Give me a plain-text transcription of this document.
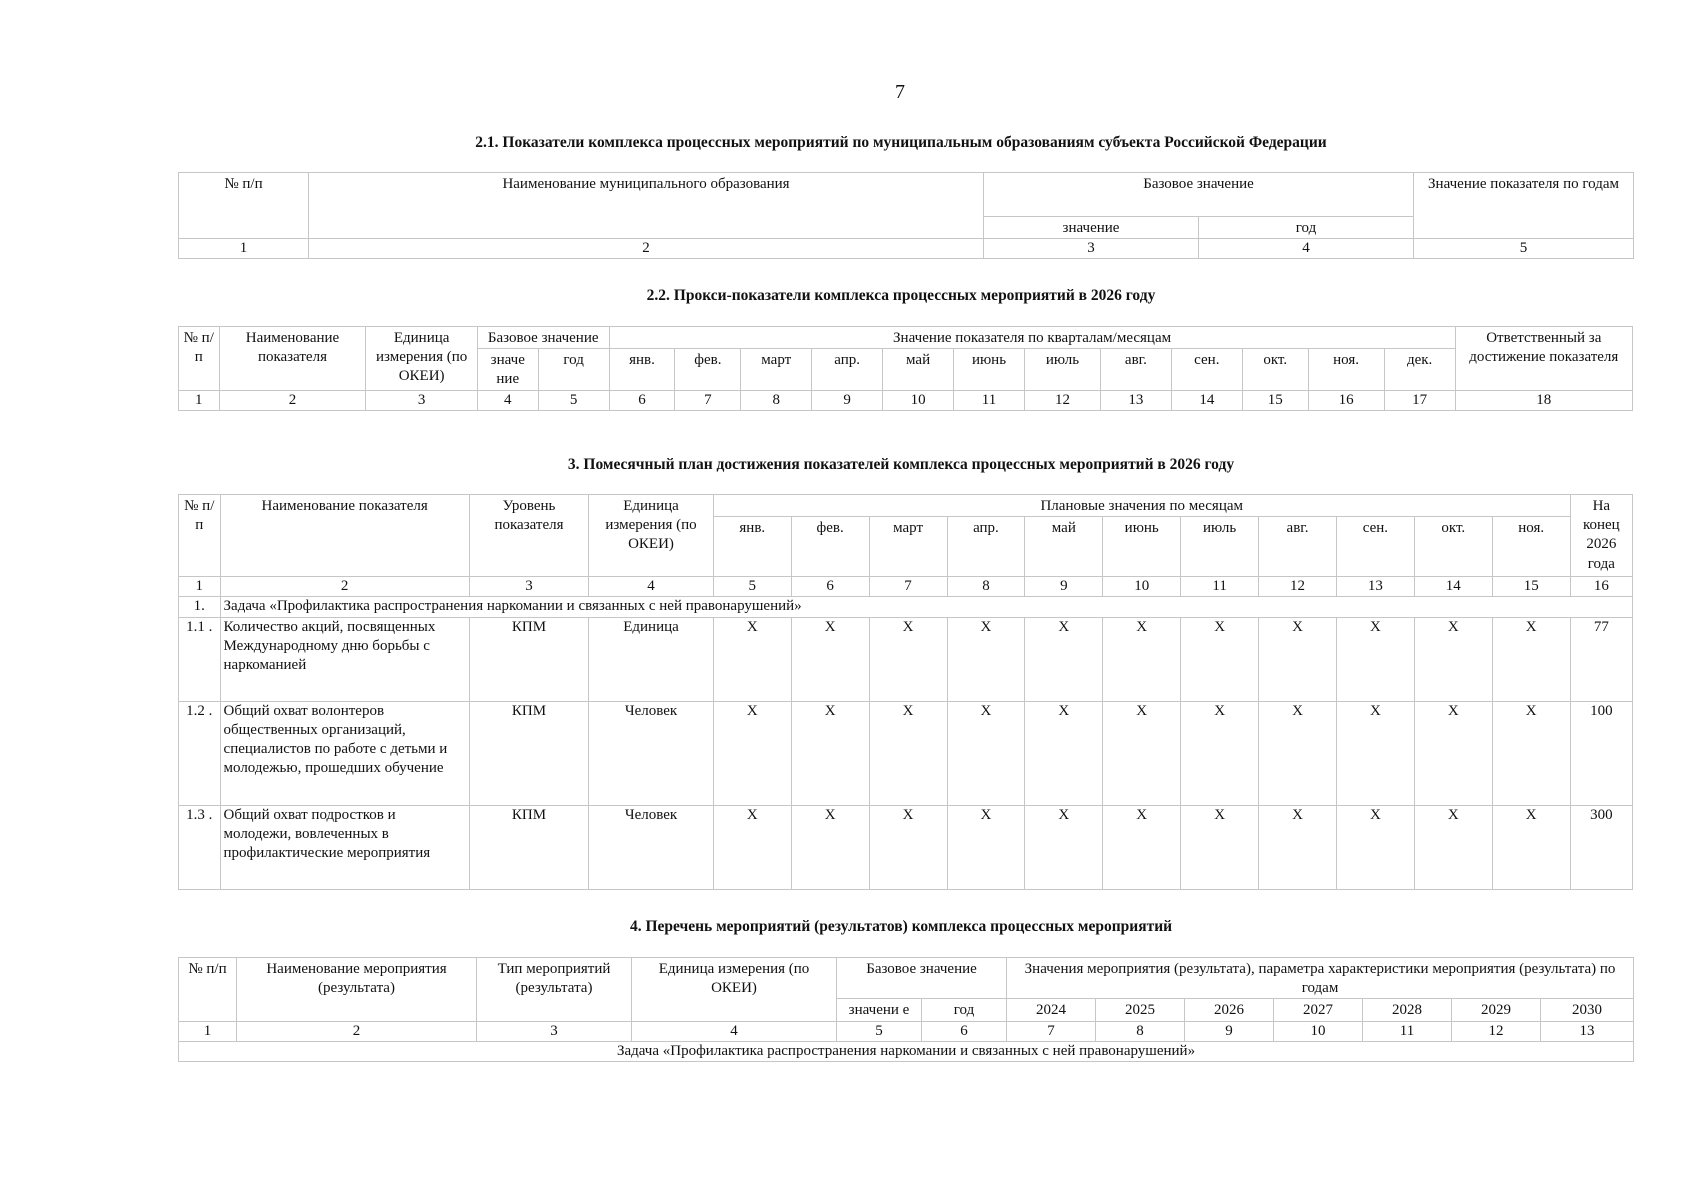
7
2.1. Показатели комплекса процессных мероприятий по муниципальным образованиям субъекта Российской Федерации
№ п/п	Наименование муниципального образования	Базовое значение		Значение показателя по годам
		значение	год	
1	2	3	4	5
2.2. Прокси-показатели комплекса процессных мероприятий в 2026 году
№ п/ п	Наименование показателя	Единица измерения (по ОКЕИ)	Базовое значение		Значение показателя по кварталам/месяцам												Ответственный за достижение показателя
			значе ние	год	янв.	фев.	март	апр.	май	июнь	июль	авг.	сен.	окт.	ноя.	дек.	
1	2	3	4	5	6	7	8	9	10	11	12	13	14	15	16	17	18
3. Помесячный план достижения показателей комплекса процессных мероприятий в 2026 году
№ п/ п	Наименование показателя	Уровень показателя	Единица измерения (по ОКЕИ)	Плановые значения по месяцам											На конец 2026 года
				янв.	фев.	март	апр.	май	июнь	июль	авг.	сен.	окт.	ноя.	
1	2	3	4	5	6	7	8	9	10	11	12	13	14	15	16
1.	Задача «Профилактика распространения наркомании и связанных с ней правонарушений»														
1.1 .	Количество акций, посвященных Международному дню борьбы с наркоманией	КПМ	Единица	X	X	X	X	X	X	X	X	X	X	X	77
1.2 .	Общий охват волонтеров общественных организаций, специалистов по работе с детьми и молодежью, прошедших обучение	КПМ	Человек	X	X	X	X	X	X	X	X	X	X	X	100
1.3 .	Общий охват подростков и молодежи, вовлеченных в профилактические мероприятия	КПМ	Человек	X	X	X	X	X	X	X	X	X	X	X	300
4. Перечень мероприятий (результатов) комплекса процессных мероприятий
№ п/п	Наименование мероприятия (результата)	Тип мероприятий (результата)	Единица измерения (по ОКЕИ)	Базовое значение		Значения мероприятия (результата), параметра характеристики мероприятия (результата) по годам						
				значени е	год	2024	2025	2026	2027	2028	2029	2030
1	2	3	4	5	6	7	8	9	10	11	12	13
Задача «Профилактика распространения наркомании и связанных с ней правонарушений»												
